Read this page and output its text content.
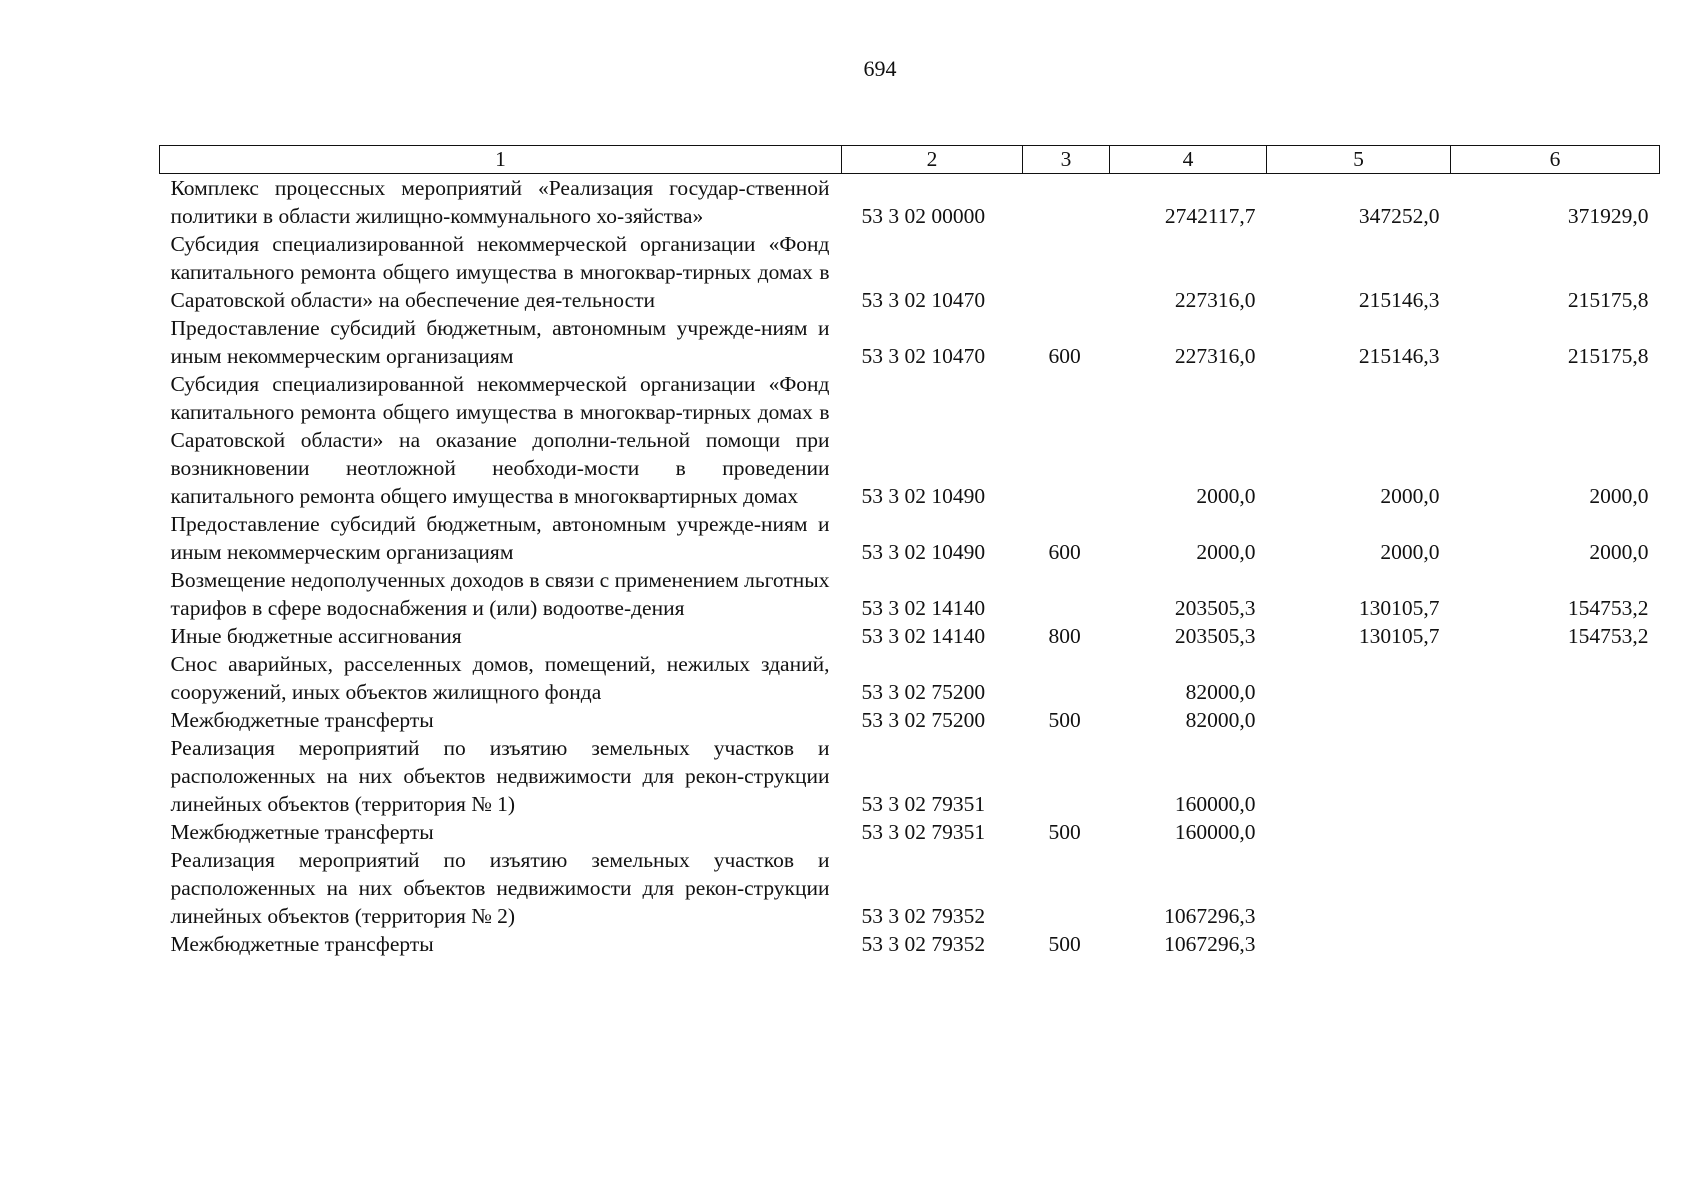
694
1	2	3	4	5	6
Комплекс процессных мероприятий «Реализация государ-ственной политики в области жилищно-коммунального хо-зяйства»	53 3 02 00000		2742117,7	347252,0	371929,0
Субсидия специализированной некоммерческой организации «Фонд капитального ремонта общего имущества в многоквар-тирных домах в Саратовской области» на обеспечение дея-тельности	53 3 02 10470		227316,0	215146,3	215175,8
Предоставление субсидий бюджетным, автономным учрежде-ниям и иным некоммерческим организациям	53 3 02 10470	600	227316,0	215146,3	215175,8
Субсидия специализированной некоммерческой организации «Фонд капитального ремонта общего имущества в многоквар-тирных домах в Саратовской области» на оказание дополни-тельной помощи при возникновении неотложной необходи-мости в проведении капитального ремонта общего имущества в многоквартирных домах	53 3 02 10490		2000,0	2000,0	2000,0
Предоставление субсидий бюджетным, автономным учрежде-ниям и иным некоммерческим организациям	53 3 02 10490	600	2000,0	2000,0	2000,0
Возмещение недополученных доходов в связи с применением льготных тарифов в сфере водоснабжения и (или) водоотве-дения	53 3 02 14140		203505,3	130105,7	154753,2
Иные бюджетные ассигнования	53 3 02 14140	800	203505,3	130105,7	154753,2
Снос аварийных, расселенных домов, помещений, нежилых зданий, сооружений, иных объектов жилищного фонда	53 3 02 75200		82000,0		
Межбюджетные трансферты	53 3 02 75200	500	82000,0		
Реализация мероприятий по изъятию земельных участков и расположенных на них объектов недвижимости для рекон-струкции линейных объектов (территория № 1)	53 3 02 79351		160000,0		
Межбюджетные трансферты	53 3 02 79351	500	160000,0		
Реализация мероприятий по изъятию земельных участков и расположенных на них объектов недвижимости для рекон-струкции линейных объектов (территория № 2)	53 3 02 79352		1067296,3		
Межбюджетные трансферты	53 3 02 79352	500	1067296,3		
